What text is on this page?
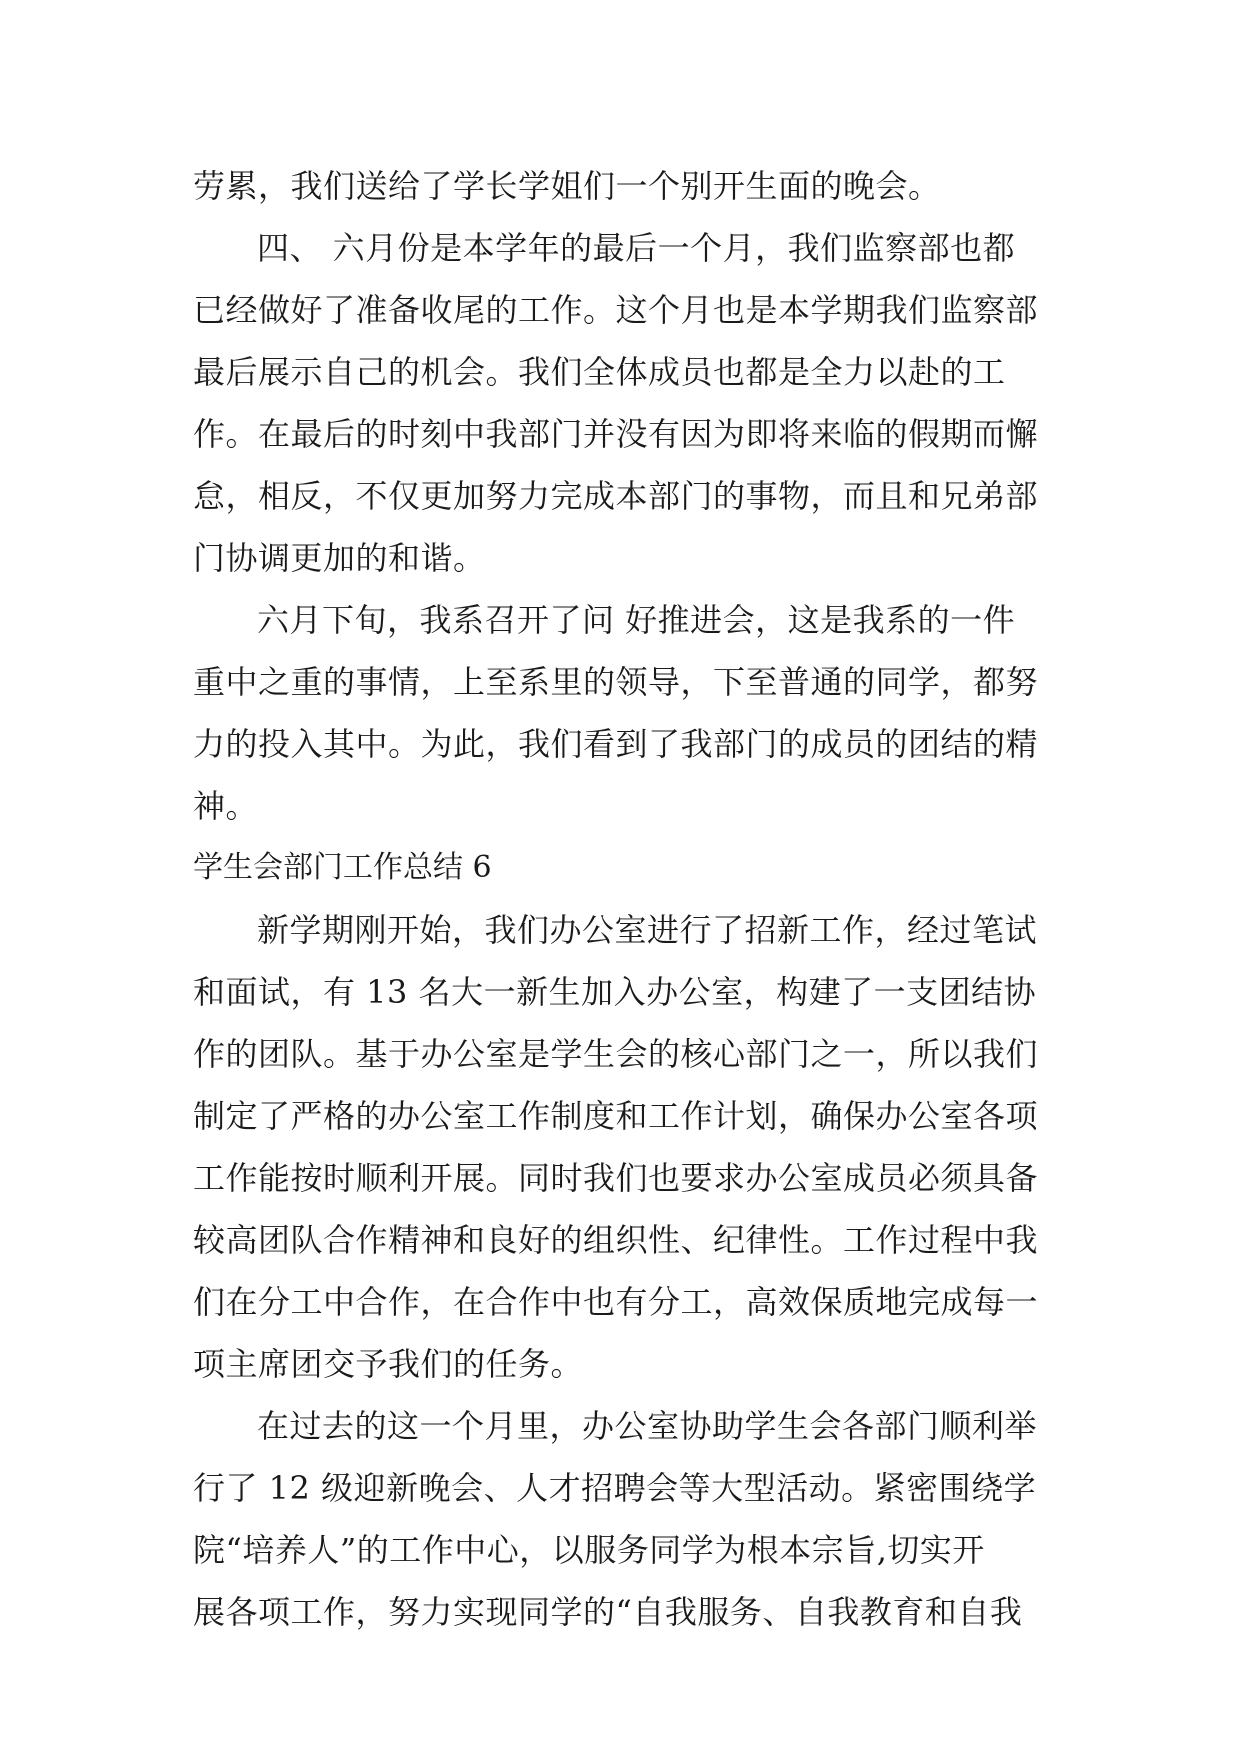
劳累，我们送给了学长学姐们一个别开生面的晚会。
四、 六月份是本学年的最后一个月，我们监察部也都
已经做好了准备收尾的工作。这个月也是本学期我们监察部
最后展示自己的机会。我们全体成员也都是全力以赴的工
作。在最后的时刻中我部门并没有因为即将来临的假期而懈
怠，相反，不仅更加努力完成本部门的事物，而且和兄弟部
门协调更加的和谐。
六月下旬，我系召开了问 好推进会，这是我系的一件
重中之重的事情，上至系里的领导，下至普通的同学，都努
力的投入其中。为此，我们看到了我部门的成员的团结的精
神。
学生会部门工作总结 6
新学期刚开始，我们办公室进行了招新工作，经过笔试
和面试，有 13 名大一新生加入办公室，构建了一支团结协
作的团队。基于办公室是学生会的核心部门之一，所以我们
制定了严格的办公室工作制度和工作计划，确保办公室各项
工作能按时顺利开展。同时我们也要求办公室成员必须具备
较高团队合作精神和良好的组织性、纪律性。工作过程中我
们在分工中合作，在合作中也有分工，高效保质地完成每一
项主席团交予我们的任务。
在过去的这一个月里，办公室协助学生会各部门顺利举
行了 12 级迎新晚会、人才招聘会等大型活动。紧密围绕学
院“培养人”的工作中心，以服务同学为根本宗旨,切实开
展各项工作，努力实现同学的“自我服务、自我教育和自我
